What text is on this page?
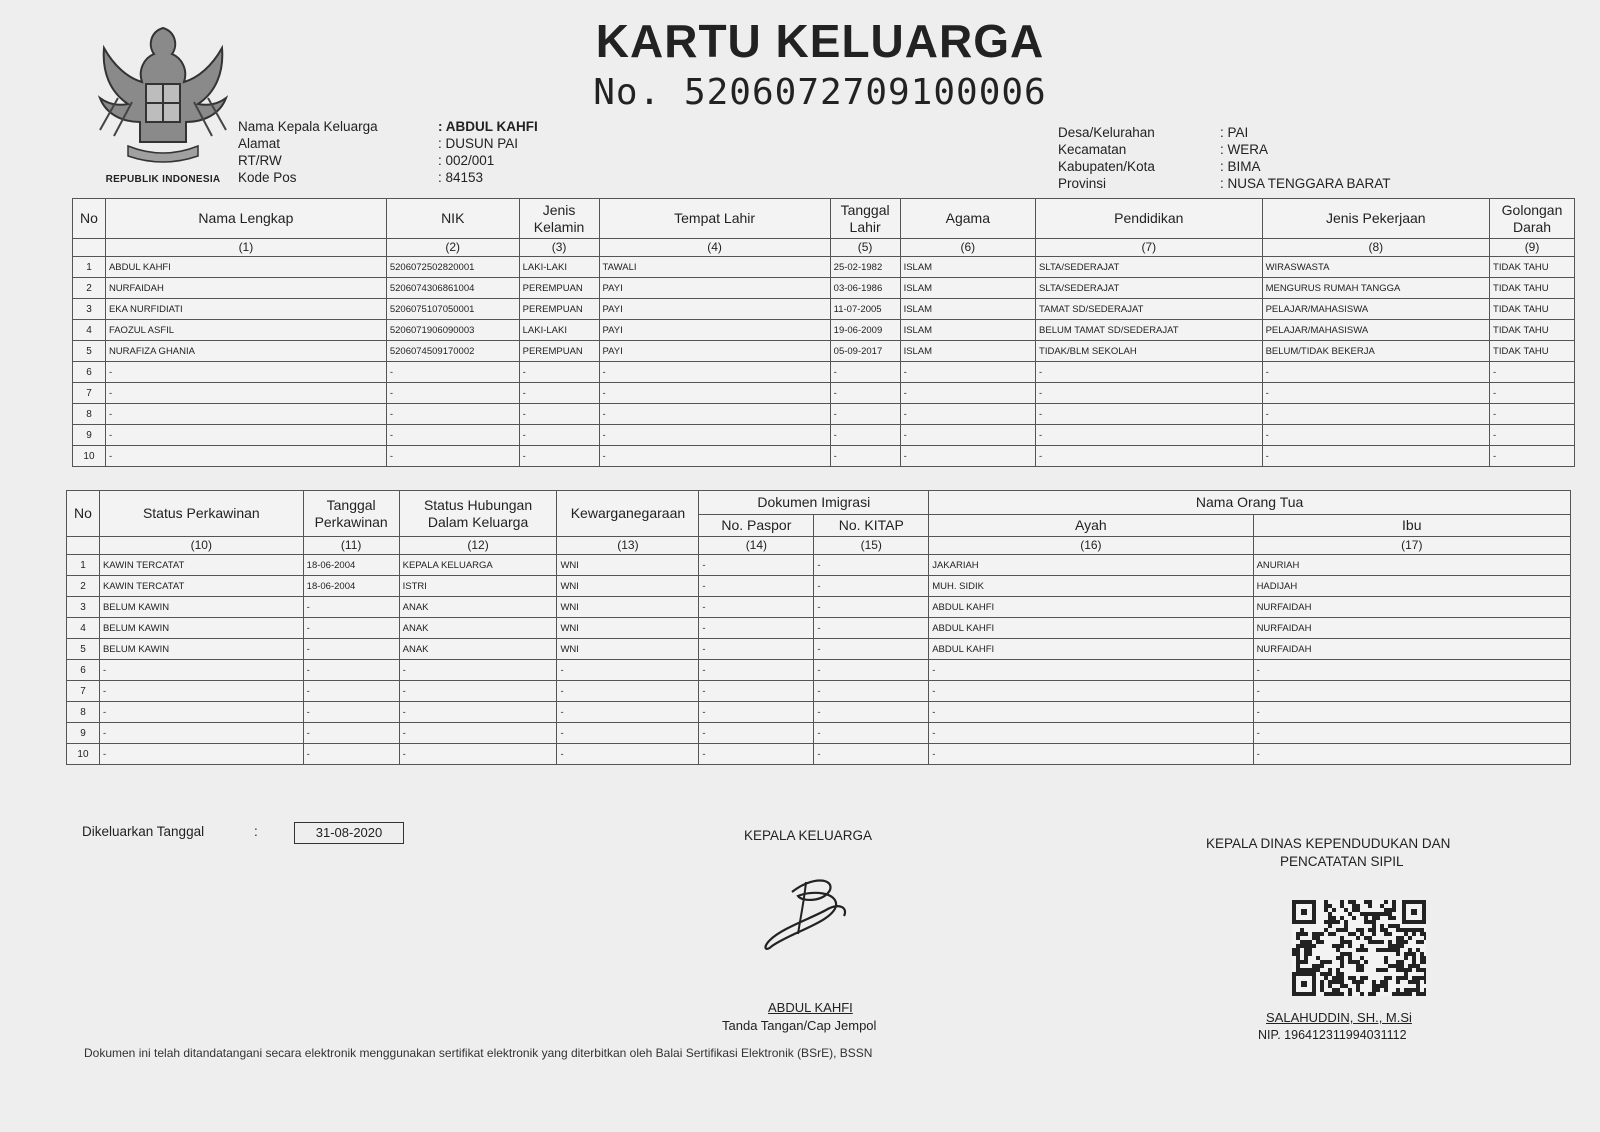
REPUBLIK INDONESIA
KARTU KELUARGA
No. 5206072709100006
Nama Kepala Keluarga	: ABDUL KAHFI
Alamat	: DUSUN PAI
RT/RW	: 002/001
Kode Pos	: 84153
Desa/Kelurahan	: PAI
Kecamatan	: WERA
Kabupaten/Kota	: BIMA
Provinsi	: NUSA TENGGARA BARAT
No	Nama Lengkap	NIK	Jenis Kelamin	Tempat Lahir	Tanggal Lahir	Agama	Pendidikan	Jenis Pekerjaan	Golongan Darah
	(1)	(2)	(3)	(4)	(5)	(6)	(7)	(8)	(9)
1	ABDUL KAHFI	5206072502820001	LAKI-LAKI	TAWALI	25-02-1982	ISLAM	SLTA/SEDERAJAT	WIRASWASTA	TIDAK TAHU
2	NURFAIDAH	5206074306861004	PEREMPUAN	PAYI	03-06-1986	ISLAM	SLTA/SEDERAJAT	MENGURUS RUMAH TANGGA	TIDAK TAHU
3	EKA NURFIDIATI	5206075107050001	PEREMPUAN	PAYI	11-07-2005	ISLAM	TAMAT SD/SEDERAJAT	PELAJAR/MAHASISWA	TIDAK TAHU
4	FAOZUL ASFIL	5206071906090003	LAKI-LAKI	PAYI	19-06-2009	ISLAM	BELUM TAMAT SD/SEDERAJAT	PELAJAR/MAHASISWA	TIDAK TAHU
5	NURAFIZA GHANIA	5206074509170002	PEREMPUAN	PAYI	05-09-2017	ISLAM	TIDAK/BLM SEKOLAH	BELUM/TIDAK BEKERJA	TIDAK TAHU
6	-	-	-	-	-	-	-	-	-
7	-	-	-	-	-	-	-	-	-
8	-	-	-	-	-	-	-	-	-
9	-	-	-	-	-	-	-	-	-
10	-	-	-	-	-	-	-	-	-
No	Status Perkawinan	Tanggal Perkawinan	Status Hubungan Dalam Keluarga	Kewarganegaraan	Dokumen Imigrasi		Nama Orang Tua	
					No. Paspor	No. KITAP	Ayah	Ibu
	(10)	(11)	(12)	(13)	(14)	(15)	(16)	(17)
1	KAWIN TERCATAT	18-06-2004	KEPALA KELUARGA	WNI	-	-	JAKARIAH	ANURIAH
2	KAWIN TERCATAT	18-06-2004	ISTRI	WNI	-	-	MUH. SIDIK	HADIJAH
3	BELUM KAWIN	-	ANAK	WNI	-	-	ABDUL KAHFI	NURFAIDAH
4	BELUM KAWIN	-	ANAK	WNI	-	-	ABDUL KAHFI	NURFAIDAH
5	BELUM KAWIN	-	ANAK	WNI	-	-	ABDUL KAHFI	NURFAIDAH
6	-	-	-	-	-	-	-	-
7	-	-	-	-	-	-	-	-
8	-	-	-	-	-	-	-	-
9	-	-	-	-	-	-	-	-
10	-	-	-	-	-	-	-	-
Dikeluarkan Tanggal	:	31-08-2020	KEPALA KELUARGA
ABDUL KAHFI
Tanda Tangan/Cap Jempol
KEPALA DINAS KEPENDUDUKAN DAN
PENCATATAN SIPIL
SALAHUDDIN, SH., M.Si
NIP. 196412311994031112
Dokumen ini telah ditandatangani secara elektronik menggunakan sertifikat elektronik yang diterbitkan oleh Balai Sertifikasi Elektronik (BSrE), BSSN
